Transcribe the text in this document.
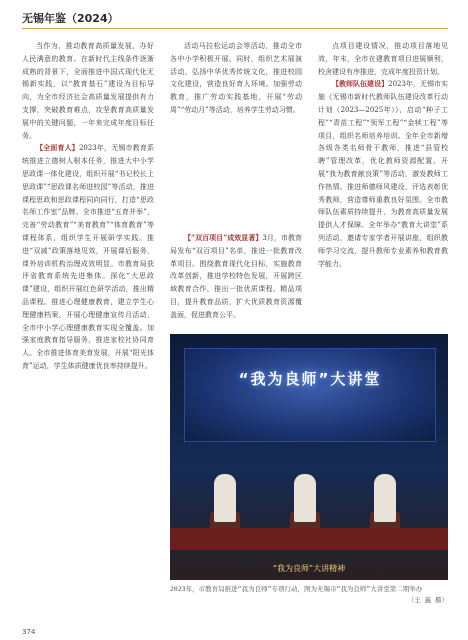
无锡年鉴（2024）

当作为，推动教育高质量发展，办好人民满意的教育。在新时代主线条件逐渐成熟的背景下，全面推进中国式现代化无锡新实践，以“教育基石”建设为目标导向，为全市经济社会高质量发展提供有力支撑，突破教育难点，攻坚教育高质量发展中的关键问题，一年来完成年度目标任务。

【全面育人】2023年，无锡市教育系统推进立德树人根本任务，推进大中小学思政课一体化建设，组织开展“书记校长上思政课”“思政课名师进校园”等活动，推进课程思政和思政课程同向同行，打造“思政名师工作室”品牌。全市推进“五育并举”，完善“劳动教育”“美育教育”“体育教育”等课程体系，组织学生开展研学实践。推进“双减”政策落地见效，开展课后服务，课外培训机构治理成效明显。市教育局获评省教育系统先进集体。深化“大思政课”建设，组织开展红色研学活动，推出精品课程。推进心理健康教育，建立学生心理健康档案，开展心理健康宣传月活动，全市中小学心理健康教育实现全覆盖。加强家庭教育指导服务，推进家校社协同育人。全市推进体育美育发展，开展“阳光体育”运动，学生体质健康优良率持续提升。

活动马拉松运动会等活动，推动全市各中小学积极开展。同时，组织艺术展演活动，弘扬中华优秀传统文化，推进校园文化建设，营造良好育人环境。加强劳动教育，推广劳动实践基地，开展“劳动周”“劳动月”等活动，培养学生劳动习惯。

【“双百项目”成效显著】3月，市教育局发布“双百项目”名单，推进一批教育改革项目。围绕教育现代化目标，实施教育改革创新，推进学校特色发展，开展跨区域教育合作，推出一批优质课程、精品项目，提升教育品质，扩大优质教育资源覆盖面，促进教育公平。

点项目建设情况，推动项目落地见效，年末，全市在建教育项目进展顺利，校舍建设有序推进，完成年度投资计划。

【教师队伍建设】2023年，无锡市实施《无锡市新时代教师队伍建设改革行动计划（2023—2025年）》，启动“种子工程”“青苗工程”“领军工程”“金犊工程”等项目，组织名师培养培训。全年全市新增各级各类名师骨干教师，推进“县管校聘”管理改革，优化教师资源配置。开展“我为教育献良策”等活动，激发教师工作热情。推进师德师风建设，评选表彰优秀教师，营造尊师重教良好氛围。全市教师队伍素质持续提升，为教育高质量发展提供人才保障。全年举办“教育大讲堂”系列活动，邀请专家学者开展讲座，组织教师学习交流，提升教师专业素养和教育教学能力。

“我为良师”大讲堂
“我为良师”大讲精神
2023年，市教育局推进“我为良师”专项行动，图为无锡市“我为良师”大讲堂第二期举办
（王 鑫 摄）
374
